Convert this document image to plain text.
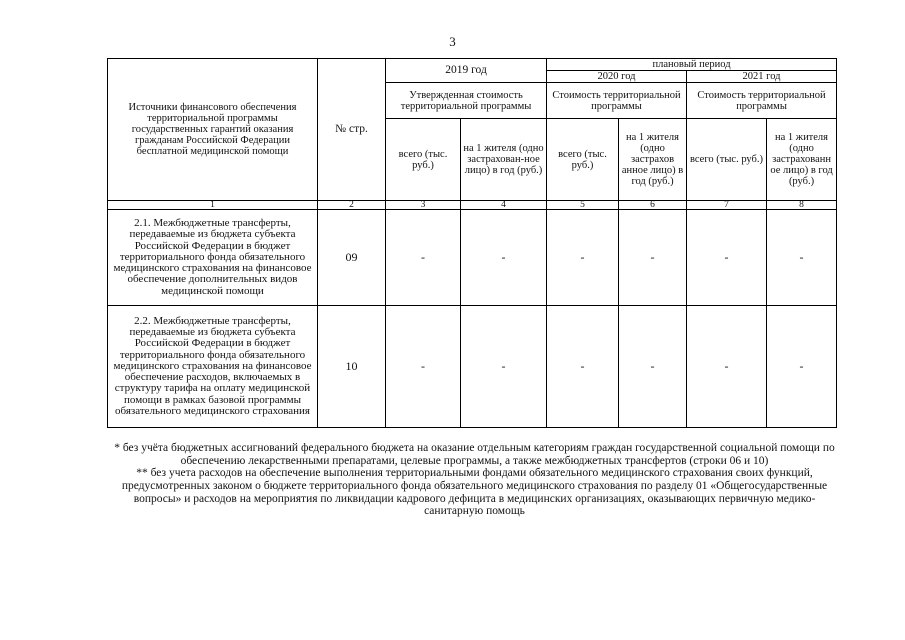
3
Источники финансового обеспечения территориальной программы государственных гарантий оказания гражданам Российской Федерации бесплатной медицинской помощи	№ стр.	2019 год		плановый период			
				2020 год		2021 год	
		Утвержденная стоимость территориальной программы		Стоимость территориальной программы		Стоимость территориальной программы	
		всего (тыс. руб.)	на 1 жителя (одно застрахован-ное лицо) в год (руб.)	всего (тыс. руб.)	на 1 жителя (одно застрахов анное лицо) в год (руб.)	всего (тыс. руб.)	на 1 жителя (одно застрахованн ое лицо) в год (руб.)

1	2	3	4	5	6	7	8
2.1. Межбюджетные трансферты, передаваемые из бюджета субъекта Российской Федерации в бюджет территориального фонда обязательного медицинского страхования на финансовое обеспечение дополнительных видов медицинской помощи	09	-	-	-	-	-	-
2.2. Межбюджетные трансферты, передаваемые из бюджета субъекта Российской Федерации в бюджет территориального фонда обязательного медицинского страхования на финансовое обеспечение расходов, включаемых в структуру тарифа на оплату медицинской помощи в рамках базовой программы обязательного медицинского страхования	10	-	-	-	-	-	-

* без учёта бюджетных ассигнований федерального бюджета на оказание отдельным категориям граждан государственной социальной помощи по обеспечению лекарственными препаратами, целевые программы, а также межбюджетных трансфертов (строки 06 и 10)

** без учета расходов на обеспечение выполнения территориальными фондами обязательного медицинского страхования своих функций, предусмотренных законом о бюджете территориального фонда обязательного медицинского страхования по разделу 01 «Общегосударственные вопросы» и расходов на мероприятия по ликвидации кадрового дефицита в медицинских организациях, оказывающих первичную медико-санитарную помощь
